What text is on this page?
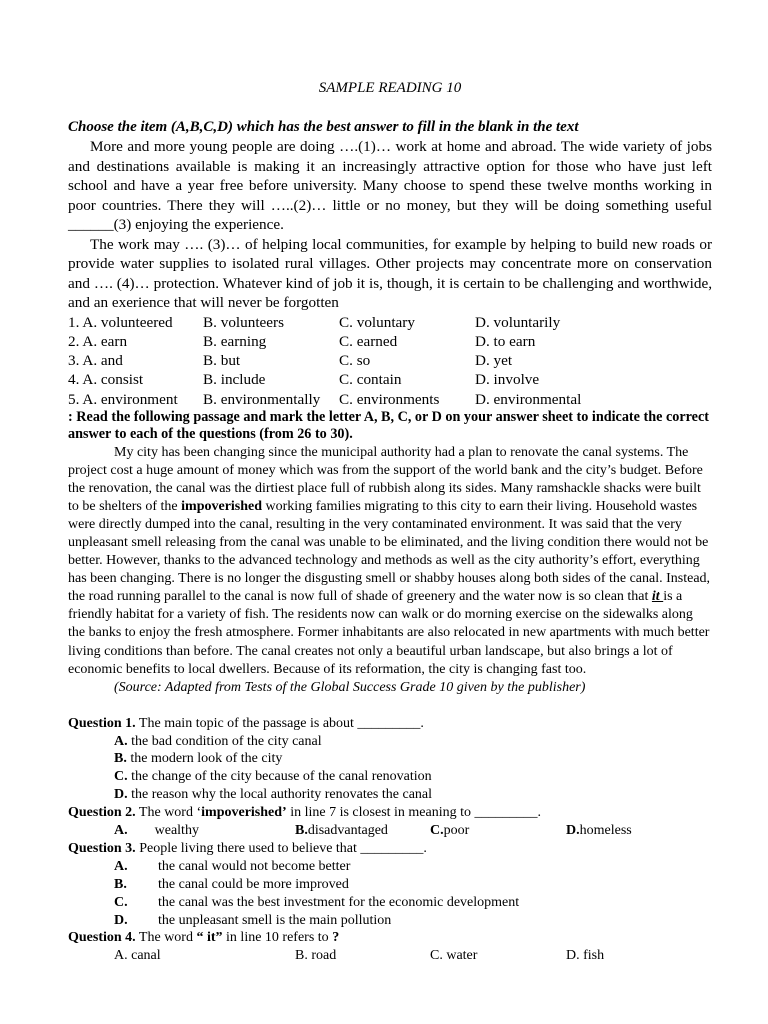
SAMPLE READING 10

Choose the item (A,B,C,D) which has the best answer to fill in the blank in the text

More and more young people are doing ….(1)… work at home and abroad. The wide variety of jobs and destinations available is making it an increasingly attractive option for those who have just left school and have a year free before university. Many choose to spend these twelve months working in poor countries. There they will …..(2)… little or no money, but they will be doing something useful ______(3) enjoying the experience.

The work may …. (3)… of helping local communities, for example by helping to build new roads or provide water supplies to isolated rural villages. Other projects may concentrate more on conservation and …. (4)… protection. Whatever kind of job it is, though, it is certain to be challenging and worthwide, and an exerience that will never be forgotten

1. A. volunteered	B. volunteers	C. voluntary	D. voluntarily
2. A. earn	B. earning	C. earned	D. to earn
3. A. and	B. but	C. so	D. yet
4. A. consist	B. include	C. contain	D. involve
5. A. environment	B. environmentally	C. environments	D. environmental

: Read the following passage and mark the letter A, B, C, or D on your answer sheet to indicate the correct answer to each of the questions (from 26 to 30).

My city has been changing since the municipal authority had a plan to renovate the canal systems. The project cost a huge amount of money which was from the support of the world bank and the city’s budget. Before the renovation, the canal was the dirtiest place full of rubbish along its sides. Many ramshackle shacks were built to be shelters of the impoverished working families migrating to this city to earn their living. Household wastes were directly dumped into the canal, resulting in the very contaminated environment. It was said that the very unpleasant smell releasing from the canal was unable to be eliminated, and the living condition there would not be better. However, thanks to the advanced technology and methods as well as the city authority’s effort, everything has been changing. There is no longer the disgusting smell or shabby houses along both sides of the canal. Instead, the road running parallel to the canal is now full of shade of greenery and the water now is so clean that it is a friendly habitat for a variety of fish. The residents now can walk or do morning exercise on the sidewalks along the banks to enjoy the fresh atmosphere. Former inhabitants are also relocated in new apartments with much better living conditions than before. The canal creates not only a beautiful urban landscape, but also brings a lot of economic benefits to local dwellers. Because of its reformation, the city is changing fast too.

(Source: Adapted from Tests of the Global Success Grade 10 given by the publisher)

Question 1. The main topic of the passage is about _________.

A. the bad condition of the city canal
B. the modern look of the city
C. the change of the city because of the canal renovation
D. the reason why the local authority renovates the canal

Question 2. The word ‘impoverished’ in line 7 is closest in meaning to _________.

A. wealthy	B.disadvantaged	C.poor	D.homeless

Question 3. People living there used to believe that _________.

A.	the canal would not become better
B.	the canal could be more improved
C.	the canal was the best investment for the economic development
D.	the unpleasant smell is the main pollution

Question 4. The word “ it” in line 10 refers to ?

A. canal	B. road	C. water	D. fish
